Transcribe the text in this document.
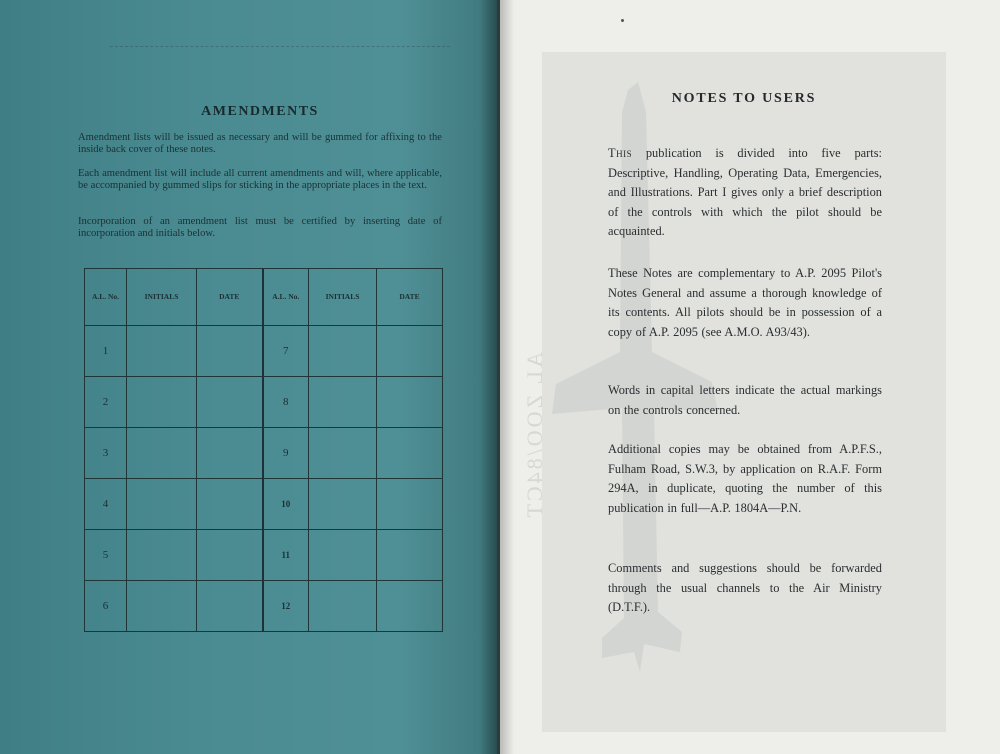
AMENDMENTS

Amendment lists will be issued as necessary and will be gummed for affixing to the inside back cover of these notes.

Each amendment list will include all current amendments and will, where applicable, be accompanied by gummed slips for sticking in the appropriate places in the text.

Incorporation of an amendment list must be certified by inserting date of incorporation and initials below.

A.L. No.	INITIALS	DATE	A.L. No.	INITIALS	DATE
1			7		
2			8		
3			9		
4			10		
5			11		
6			12		
AL ZOO/84CT
NOTES TO USERS

This publication is divided into five parts: Descriptive, Handling, Operating Data, Emergencies, and Illustrations. Part I gives only a brief description of the controls with which the pilot should be acquainted.

These Notes are complementary to A.P. 2095 Pilot's Notes General and assume a thorough knowledge of its contents. All pilots should be in possession of a copy of A.P. 2095 (see A.M.O. A93/43).

Words in capital letters indicate the actual markings on the controls concerned.

Additional copies may be obtained from A.P.F.S., Fulham Road, S.W.3, by application on R.A.F. Form 294A, in duplicate, quoting the number of this publication in full—A.P. 1804A—P.N.

Comments and suggestions should be forwarded through the usual channels to the Air Ministry (D.T.F.).
